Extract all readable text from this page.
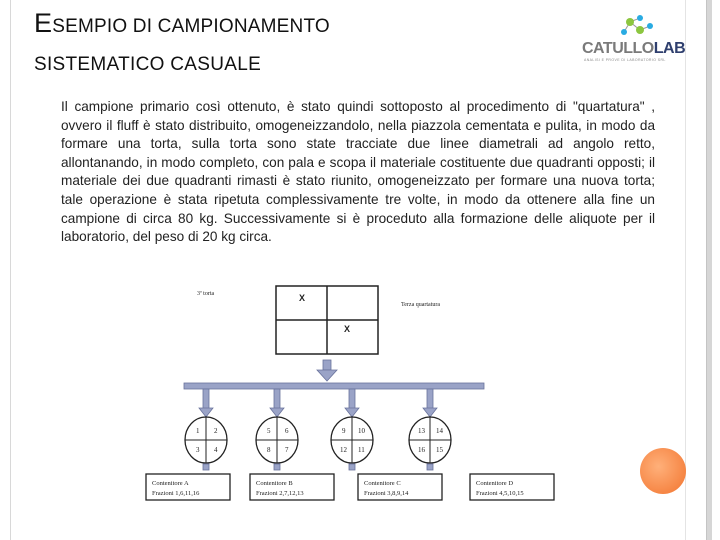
ESEMPIO DI CAMPIONAMENTO
SISTEMATICO CASUALE
CATULLOLAB
ANALISI E PROVE DI LABORATORIO SRL
Il campione primario così ottenuto, è stato quindi sottoposto al procedimento di "quartatura" , ovvero il fluff è stato distribuito, omogeneizzandolo, nella piazzola cementata e pulita, in modo da formare una torta, sulla torta sono state tracciate due linee diametrali ad angolo retto, allontanando, in modo completo, con pala e scopa il materiale costituente due quadranti opposti; il materiale dei due quadranti rimasti è stato riunito, omogeneizzato per formare una nuova torta; tale operazione è stata ripetuta complessivamente tre volte, in modo da ottenere alla fine un campione di circa 80 kg. Successivamente si è proceduto alla formazione delle aliquote per il laboratorio, del peso di 20 kg circa.
3ª torta
Terza quartatura
X
X
1 2
3 4
5 6
8 7
9 10
12 11
13 14
16 15
Contenitore A
Frazioni 1,6,11,16
Contenitore B
Frazioni 2,7,12,13
Contenitore C
Frazioni 3,8,9,14
Contenitore D
Frazioni 4,5,10,15
